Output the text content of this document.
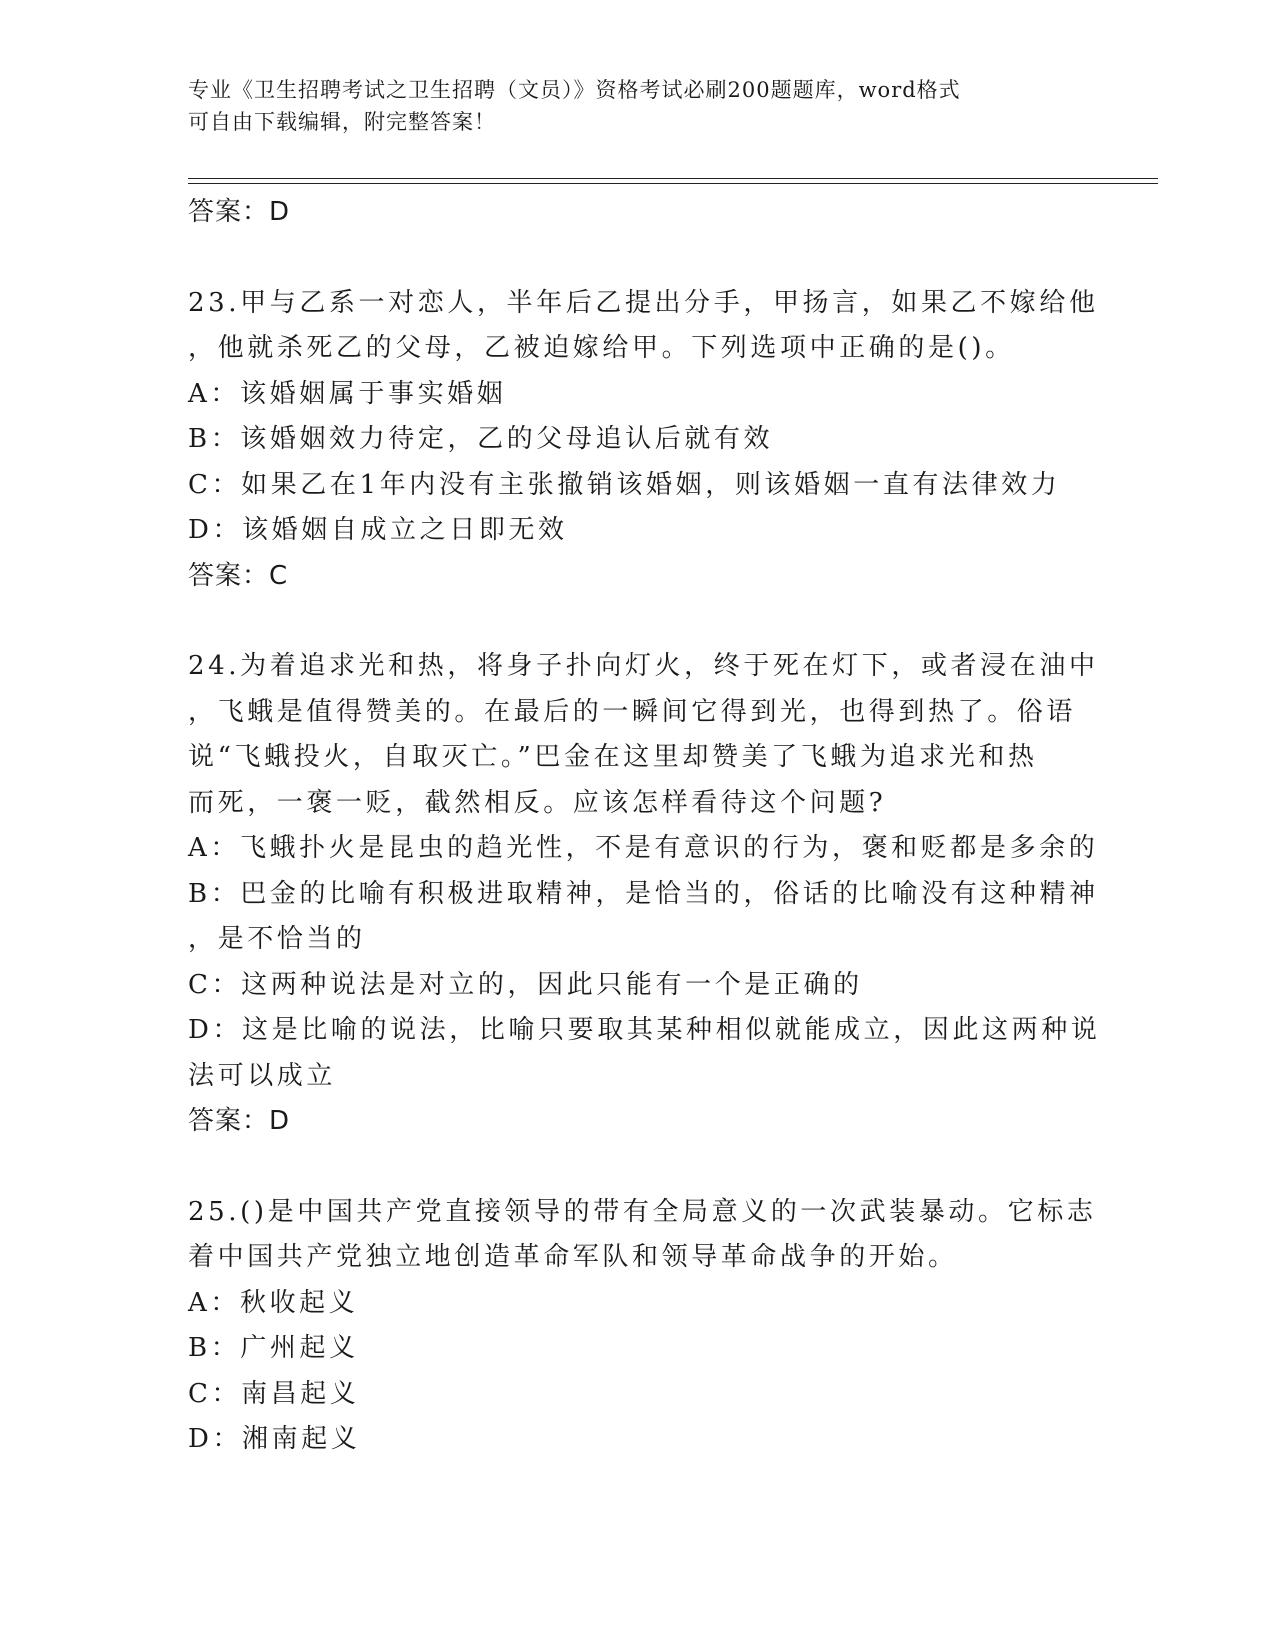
专业《卫生招聘考试之卫生招聘（文员）》资格考试必刷200题题库，word格式
可自由下载编辑，附完整答案！
答案：D
23.甲与乙系一对恋人，半年后乙提出分手，甲扬言，如果乙不嫁给他
，他就杀死乙的父母，乙被迫嫁给甲。下列选项中正确的是()。
A：该婚姻属于事实婚姻
B：该婚姻效力待定，乙的父母追认后就有效
C：如果乙在1年内没有主张撤销该婚姻，则该婚姻一直有法律效力
D：该婚姻自成立之日即无效
答案：C
24.为着追求光和热，将身子扑向灯火，终于死在灯下，或者浸在油中
，飞蛾是值得赞美的。在最后的一瞬间它得到光，也得到热了。俗语
说“飞蛾投火，自取灭亡。”巴金在这里却赞美了飞蛾为追求光和热
而死，一褒一贬，截然相反。应该怎样看待这个问题?
A：飞蛾扑火是昆虫的趋光性，不是有意识的行为，褒和贬都是多余的
B：巴金的比喻有积极进取精神，是恰当的，俗话的比喻没有这种精神
，是不恰当的
C：这两种说法是对立的，因此只能有一个是正确的
D：这是比喻的说法，比喻只要取其某种相似就能成立，因此这两种说
法可以成立
答案：D
25.()是中国共产党直接领导的带有全局意义的一次武装暴动。它标志
着中国共产党独立地创造革命军队和领导革命战争的开始。
A：秋收起义
B：广州起义
C：南昌起义
D：湘南起义
